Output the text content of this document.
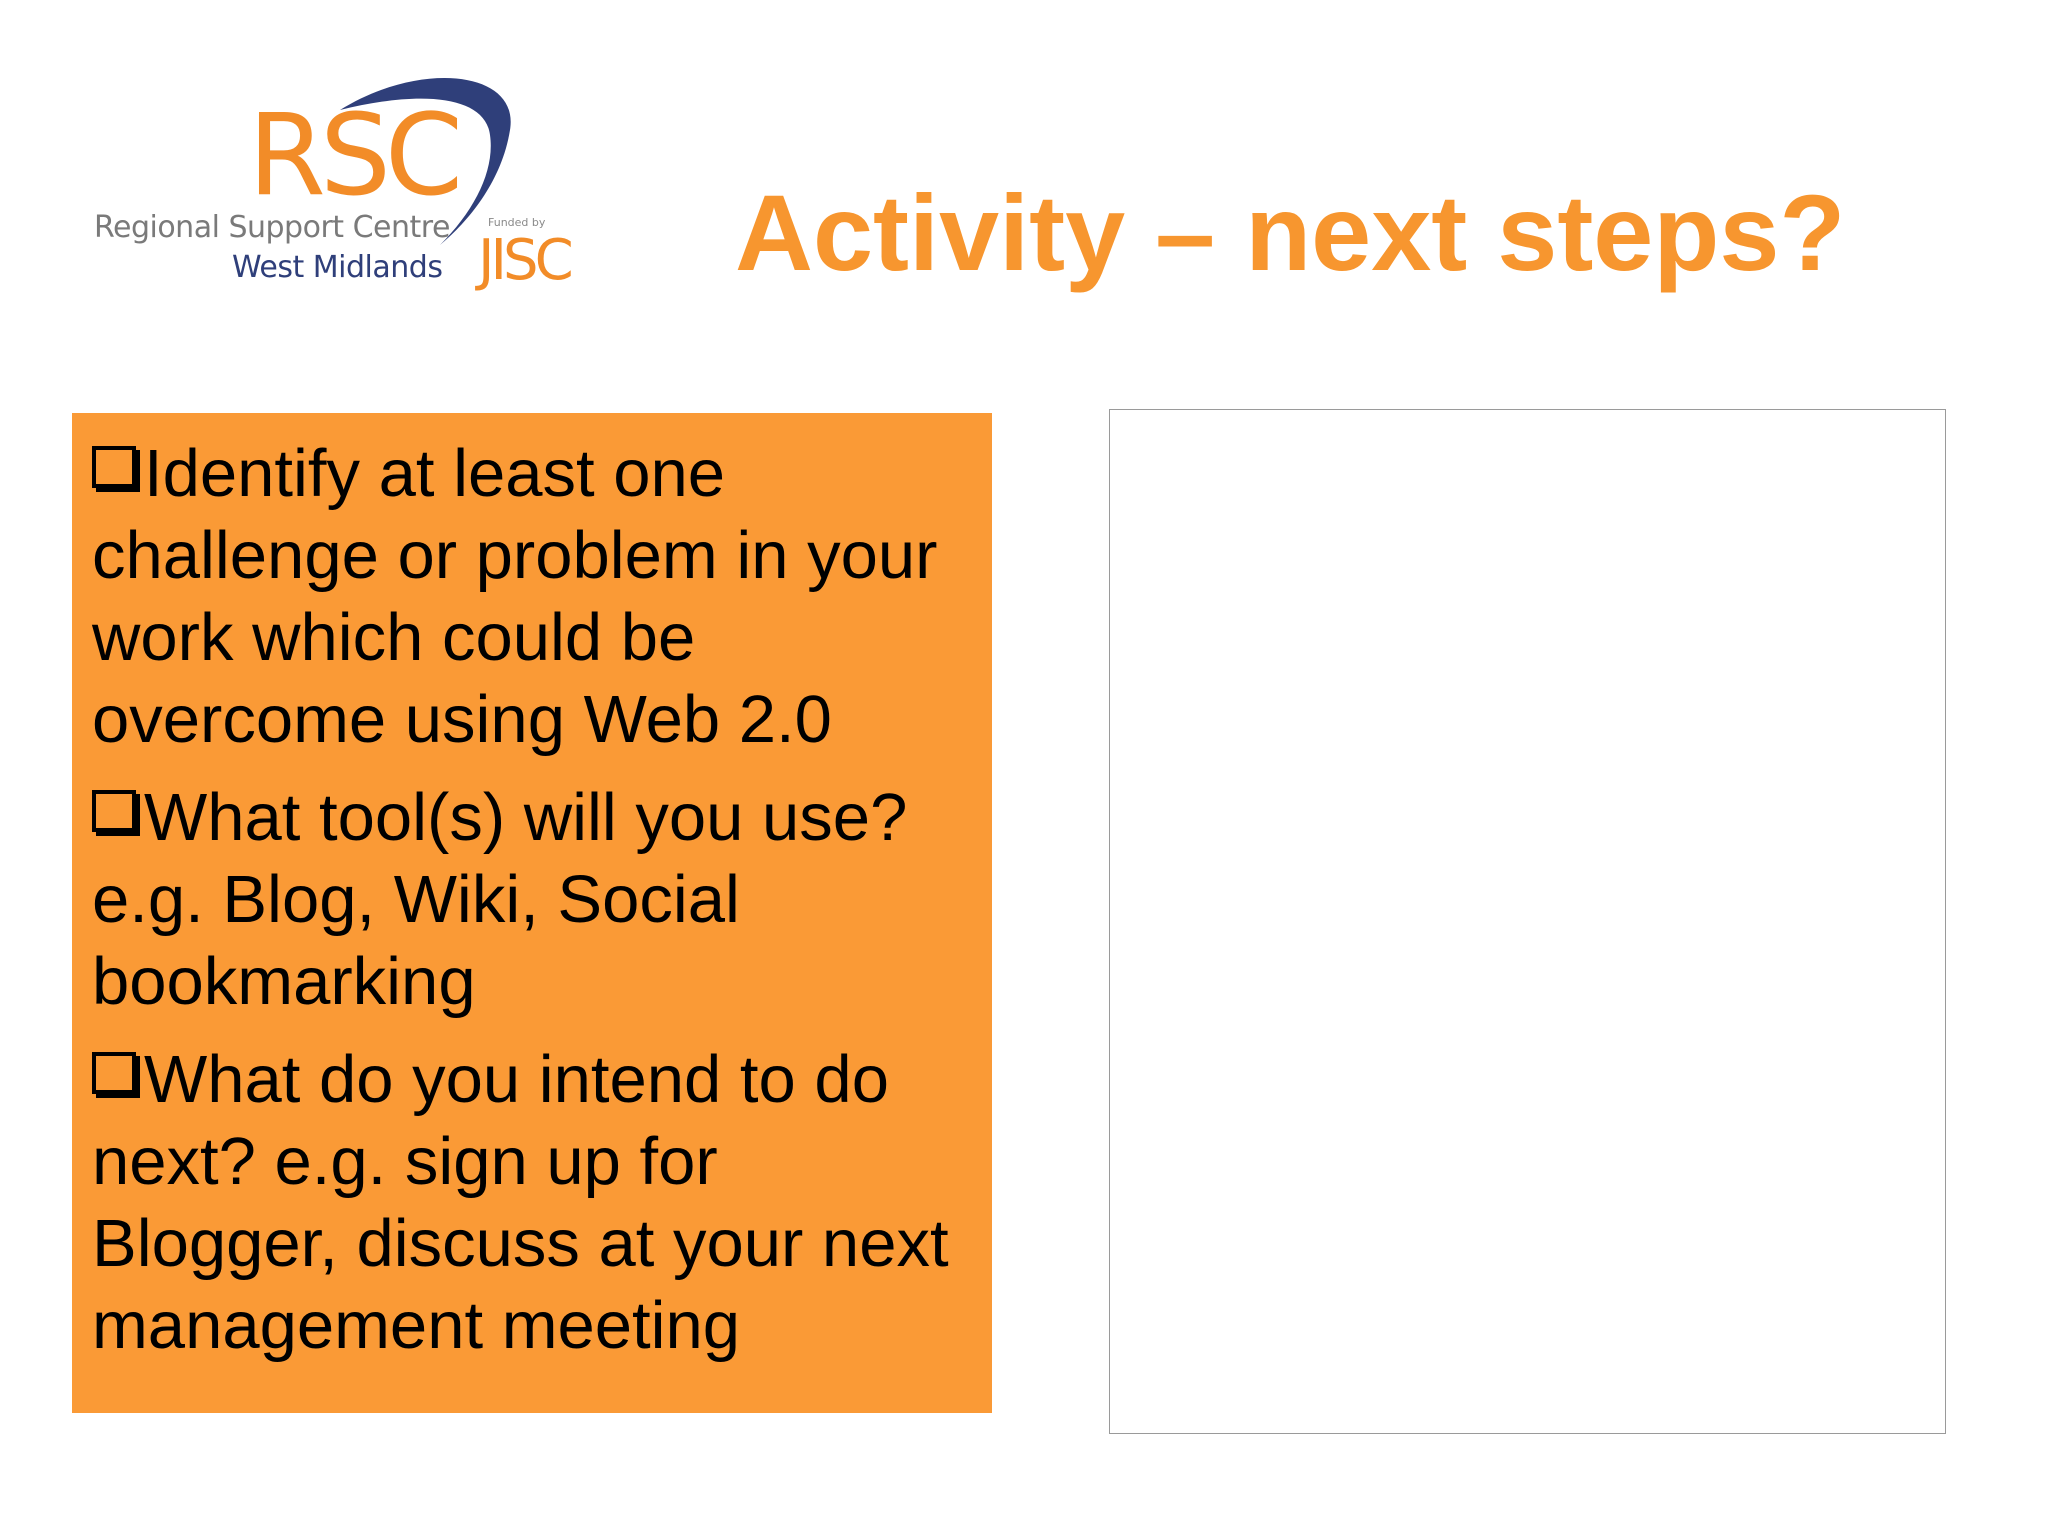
RSC
Regional Support Centre
West Midlands
Funded by
JISC Activity – next steps?

Identify at least one challenge or problem in your work which could be overcome using Web 2.0

What tool(s) will you use? e.g. Blog, Wiki, Social bookmarking

What do you intend to do next? e.g. sign up for Blogger, discuss at your next management meeting
